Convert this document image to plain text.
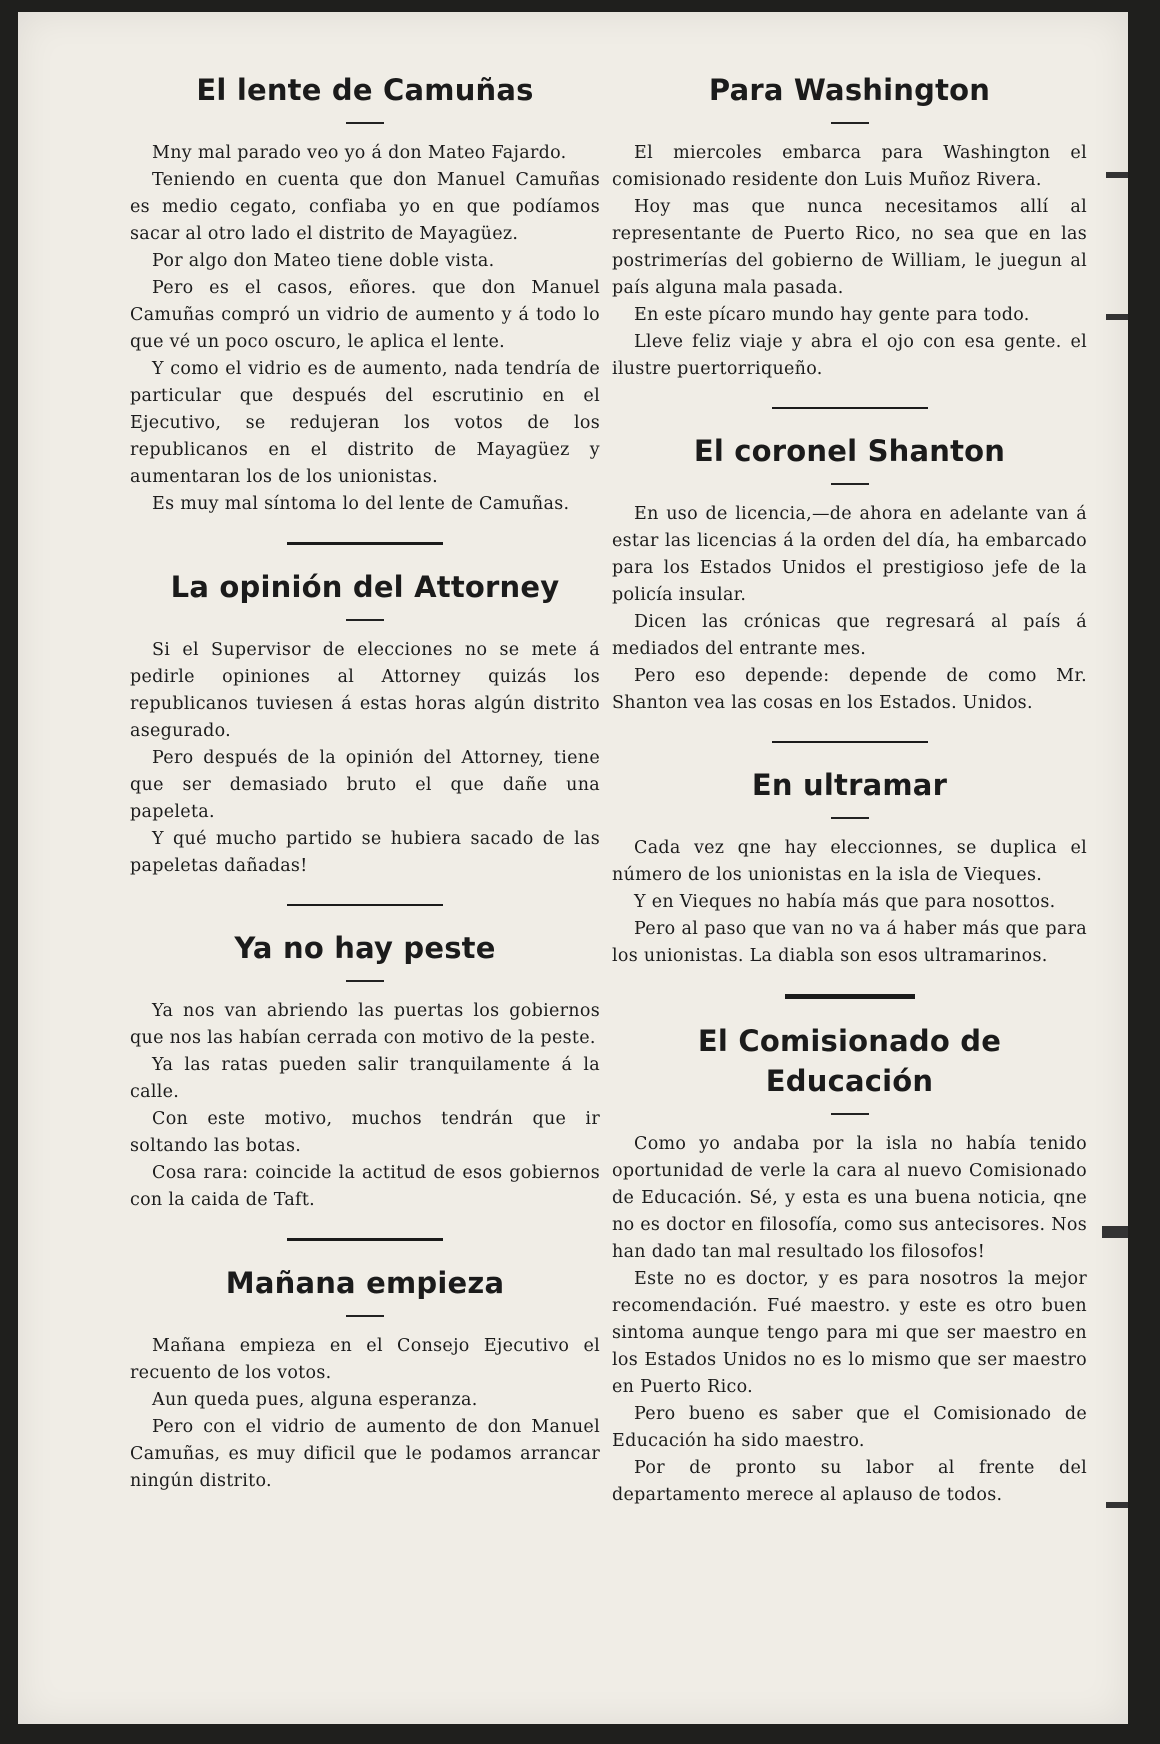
El lente de Camuñas

Mny mal parado veo yo á don Mateo Fajardo.

Teniendo en cuenta que don Manuel Camuñas es medio cegato, confiaba yo en que podíamos sacar al otro lado el distrito de Mayagüez.

Por algo don Mateo tiene doble vista.

Pero es el casos, eñores. que don Manuel Camuñas compró un vidrio de aumento y á todo lo que vé un poco oscuro, le aplica el lente.

Y como el vidrio es de aumento, nada tendría de particular que después del escrutinio en el Ejecutivo, se redujeran los votos de los republicanos en el distrito de Mayagüez y aumentaran los de los unionistas.

Es muy mal síntoma lo del lente de Camuñas.

La opinión del Attorney

Si el Supervisor de elecciones no se mete á pedirle opiniones al Attorney quizás los republicanos tuviesen á estas horas algún distrito asegurado.

Pero después de la opinión del Attorney, tiene que ser demasiado bruto el que dañe una papeleta.

Y qué mucho partido se hubiera sacado de las papeletas dañadas!

Ya no hay peste

Ya nos van abriendo las puertas los gobiernos que nos las habían cerrada con motivo de la peste.

Ya las ratas pueden salir tranquilamente á la calle.

Con este motivo, muchos tendrán que ir soltando las botas.

Cosa rara: coincide la actitud de esos gobiernos con la caida de Taft.

Mañana empieza

Mañana empieza en el Consejo Ejecutivo el recuento de los votos.

Aun queda pues, alguna esperanza.

Pero con el vidrio de aumento de don Manuel Camuñas, es muy dificil que le podamos arrancar ningún distrito.

Para Washington

El miercoles embarca para Washington el comisionado residente don Luis Muñoz Rivera.

Hoy mas que nunca necesitamos allí al representante de Puerto Rico, no sea que en las postrimerías del gobierno de William, le juegun al país alguna mala pasada.

En este pícaro mundo hay gente para todo.

Lleve feliz viaje y abra el ojo con esa gente. el ilustre puertorriqueño.

El coronel Shanton

En uso de licencia,—de ahora en adelante van á estar las licencias á la orden del día, ha embarcado para los Estados Unidos el prestigioso jefe de la policía insular.

Dicen las crónicas que regresará al país á mediados del entrante mes.

Pero eso depende: depende de como Mr. Shanton vea las cosas en los Estados. Unidos.

En ultramar

Cada vez qne hay eleccionnes, se duplica el número de los unionistas en la isla de Vieques.

Y en Vieques no había más que para nosottos.

Pero al paso que van no va á haber más que para los unionistas. La diabla son esos ultramarinos.

El Comisionado de Educación

Como yo andaba por la isla no había tenido oportunidad de verle la cara al nuevo Comisionado de Educación. Sé, y esta es una buena noticia, qne no es doctor en filosofía, como sus antecisores. Nos han dado tan mal resultado los filosofos!

Este no es doctor, y es para nosotros la mejor recomendación. Fué maestro. y este es otro buen sintoma aunque tengo para mi que ser maestro en los Estados Unidos no es lo mismo que ser maestro en Puerto Rico.

Pero bueno es saber que el Comisionado de Educación ha sido maestro.

Por de pronto su labor al frente del departamento merece al aplauso de todos.
